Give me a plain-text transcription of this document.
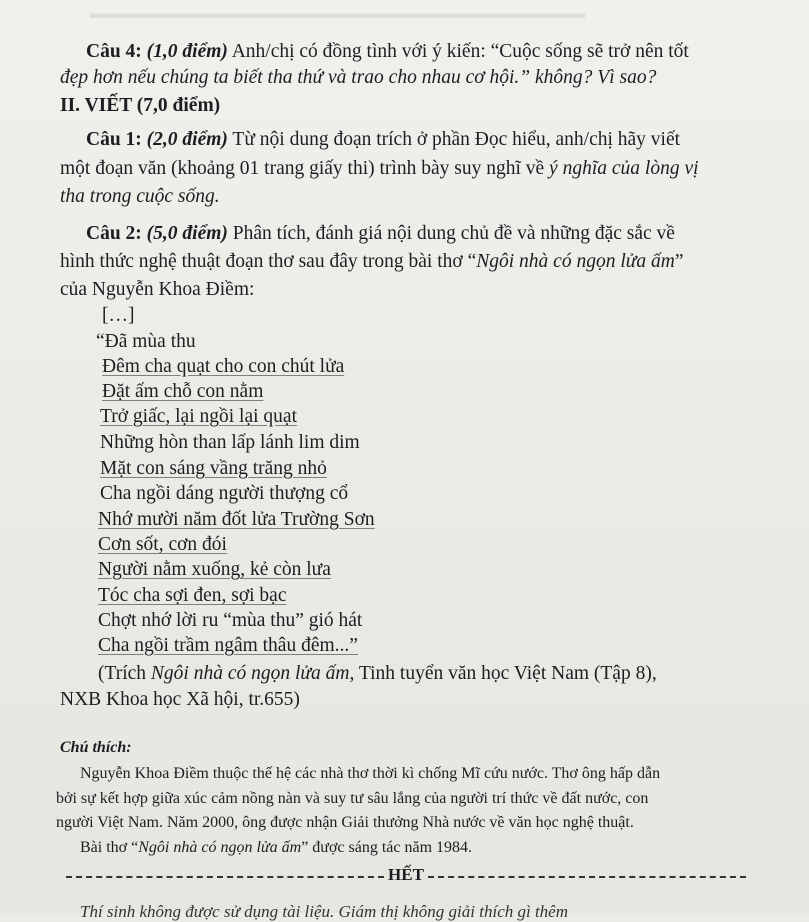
▬▬▬▬▬▬▬▬▬▬▬▬▬▬▬▬▬▬▬▬▬▬▬▬▬▬▬▬▬▬▬▬▬
Câu 4: (1,0 điểm) Anh/chị có đồng tình với ý kiến: “Cuộc sống sẽ trở nên tốt
đẹp hơn nếu chúng ta biết tha thứ và trao cho nhau cơ hội.” không? Vì sao?
II. VIẾT (7,0 điểm)
Câu 1: (2,0 điểm) Từ nội dung đoạn trích ở phần Đọc hiểu, anh/chị hãy viết
một đoạn văn (khoảng 01 trang giấy thi) trình bày suy nghĩ về ý nghĩa của lòng vị
tha trong cuộc sống.
Câu 2: (5,0 điểm) Phân tích, đánh giá nội dung chủ đề và những đặc sắc về
hình thức nghệ thuật đoạn thơ sau đây trong bài thơ “Ngôi nhà có ngọn lửa ấm”
của Nguyễn Khoa Điềm:
[…]
“Đã mùa thu
Đêm cha quạt cho con chút lửa
Đặt ấm chỗ con nằm
Trở giấc, lại ngồi lại quạt
Những hòn than lấp lánh lim dim
Mặt con sáng vầng trăng nhỏ
Cha ngồi dáng người thượng cổ
Nhớ mười năm đốt lửa Trường Sơn
Cơn sốt, cơn đói
Người nằm xuống, kẻ còn lưa
Tóc cha sợi đen, sợi bạc
Chợt nhớ lời ru “mùa thu” gió hát
Cha ngồi trầm ngâm thâu đêm...”
(Trích Ngôi nhà có ngọn lửa ấm, Tinh tuyển văn học Việt Nam (Tập 8),
NXB Khoa học Xã hội, tr.655)
Chú thích:
Nguyễn Khoa Điềm thuộc thế hệ các nhà thơ thời kì chống Mĩ cứu nước. Thơ ông hấp dẫn
bởi sự kết hợp giữa xúc cảm nồng nàn và suy tư sâu lắng của người trí thức về đất nước, con
người Việt Nam. Năm 2000, ông được nhận Giải thưởng Nhà nước về văn học nghệ thuật.
Bài thơ “Ngôi nhà có ngọn lửa ấm” được sáng tác năm 1984.
HẾT
Thí sinh không được sử dụng tài liệu. Giám thị không giải thích gì thêm
